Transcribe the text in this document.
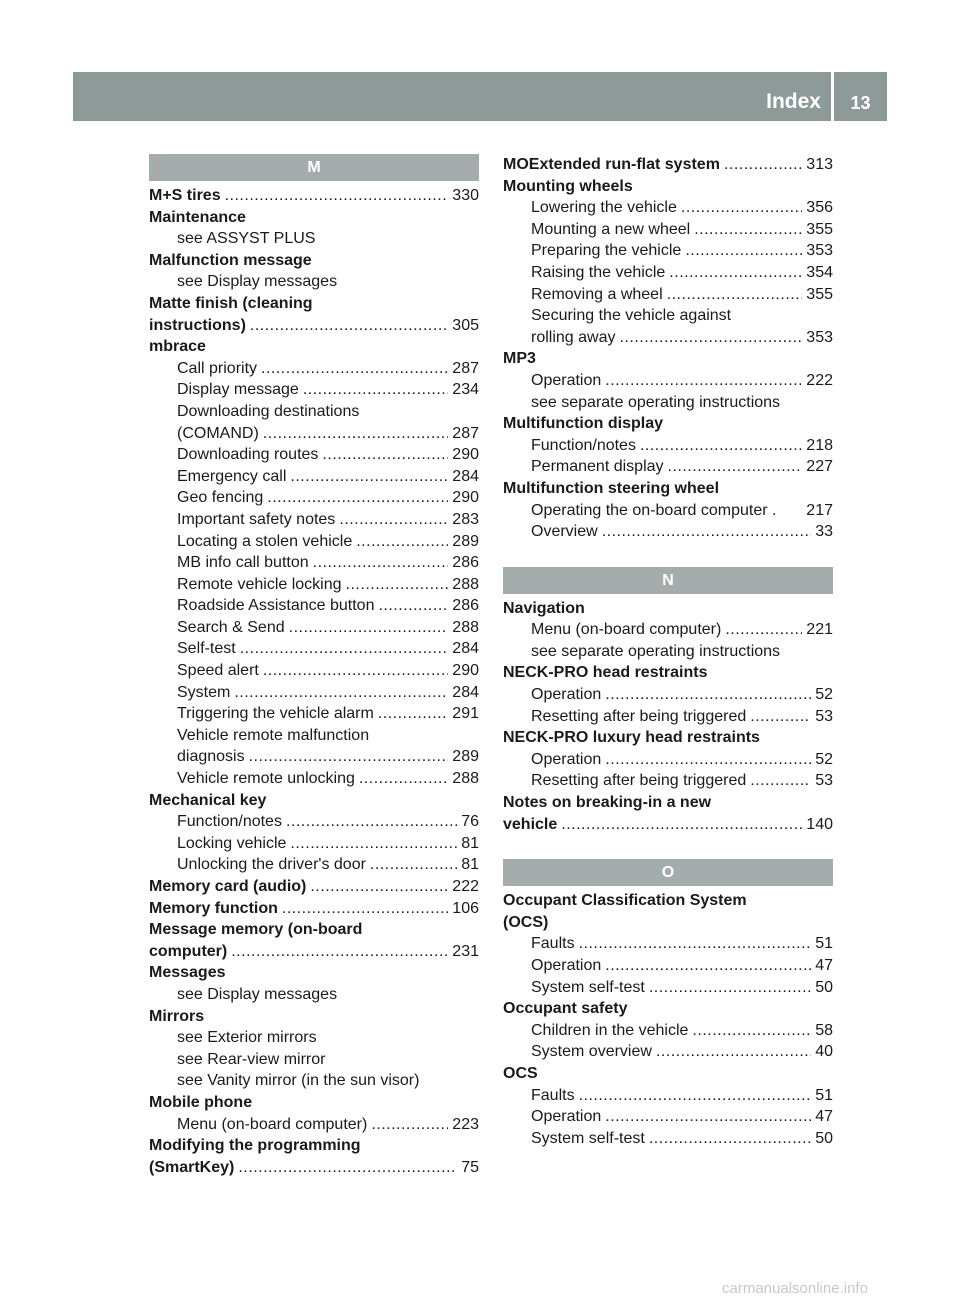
Index	13
M
M+S tires .....	330
Maintenance
see ASSYST PLUS
Malfunction message
see Display messages
Matte finish (cleaning
instructions) .....	305
mbrace
Call priority .....	287
Display message .....	234
Downloading destinations
(COMAND) .....	287
Downloading routes .....	290
Emergency call .....	284
Geo fencing .....	290
Important safety notes .....	283
Locating a stolen vehicle .....	289
MB info call button .....	286
Remote vehicle locking .....	288
Roadside Assistance button .....	286
Search & Send .....	288
Self-test .....	284
Speed alert .....	290
System .....	284
Triggering the vehicle alarm .....	291
Vehicle remote malfunction
diagnosis .....	289
Vehicle remote unlocking .....	288
Mechanical key
Function/notes .....	76
Locking vehicle .....	81
Unlocking the driver's door .....	81
Memory card (audio) .....	222
Memory function .....	106
Message memory (on-board
computer) .....	231
Messages
see Display messages
Mirrors
see Exterior mirrors
see Rear-view mirror
see Vanity mirror (in the sun visor)
Mobile phone
Menu (on-board computer) .....	223
Modifying the programming
(SmartKey) .....	75
MOExtended run-flat system .....	313
Mounting wheels
Lowering the vehicle .....	356
Mounting a new wheel .....	355
Preparing the vehicle .....	353
Raising the vehicle .....	354
Removing a wheel .....	355
Securing the vehicle against
rolling away .....	353
MP3
Operation .....	222
see separate operating instructions
Multifunction display
Function/notes .....	218
Permanent display .....	227
Multifunction steering wheel
Operating the on-board computer . 217
Overview .....	33
N
Navigation
Menu (on-board computer) .....	221
see separate operating instructions
NECK-PRO head restraints
Operation .....	52
Resetting after being triggered .....	53
NECK-PRO luxury head restraints
Operation .....	52
Resetting after being triggered .....	53
Notes on breaking-in a new
vehicle .....	140
O
Occupant Classification System
(OCS)
Faults .....	51
Operation .....	47
System self-test .....	50
Occupant safety
Children in the vehicle .....	58
System overview .....	40
OCS
Faults .....	51
Operation .....	47
System self-test .....	50
carmanualsonline.info
